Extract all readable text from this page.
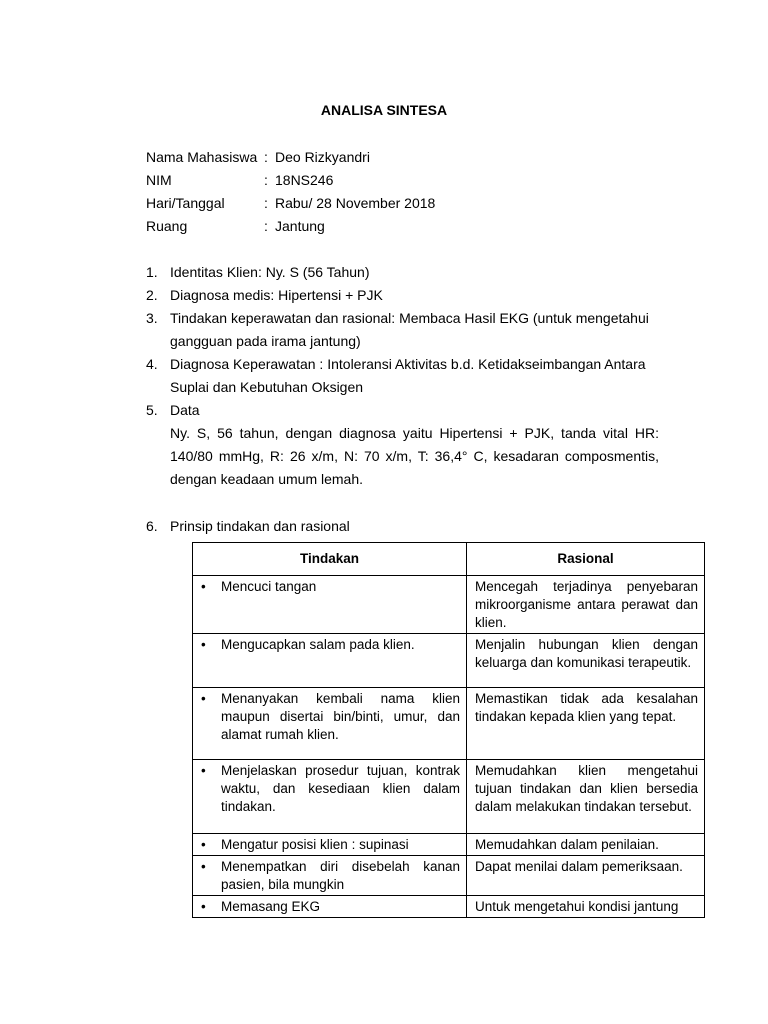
ANALISA SINTESA
Nama Mahasiswa : Deo Rizkyandri
NIM	: 18NS246
Hari/Tanggal	: Rabu/ 28 November 2018
Ruang	: Jantung
1. Identitas Klien: Ny. S (56 Tahun)
2. Diagnosa medis: Hipertensi + PJK
3. Tindakan keperawatan dan rasional: Membaca Hasil EKG (untuk mengetahui gangguan pada irama jantung)
4. Diagnosa Keperawatan : Intoleransi Aktivitas b.d. Ketidakseimbangan Antara Suplai dan Kebutuhan Oksigen
5. Data
Ny. S, 56 tahun, dengan diagnosa yaitu Hipertensi + PJK, tanda vital HR: 140/80 mmHg, R: 26 x/m, N: 70 x/m, T: 36,4° C, kesadaran composmentis, dengan keadaan umum lemah.
6. Prinsip tindakan dan rasional
Tindakan	Rasional

• Mencuci tangan	Mencegah terjadinya penyebaran mikroorganisme antara perawat dan klien.

• Mengucapkan salam pada klien.	Menjalin hubungan klien dengan keluarga dan komunikasi terapeutik.

• Menanyakan kembali nama klien maupun disertai bin/binti, umur, dan alamat rumah klien.	Memastikan tidak ada kesalahan tindakan kepada klien yang tepat.

• Menjelaskan prosedur tujuan, kontrak waktu, dan kesediaan klien dalam tindakan.	Memudahkan klien mengetahui tujuan tindakan dan klien bersedia dalam melakukan tindakan tersebut.

• Mengatur posisi klien : supinasi	Memudahkan dalam penilaian.

• Menempatkan diri disebelah kanan pasien, bila mungkin	Dapat menilai dalam pemeriksaan.

• Memasang EKG	Untuk mengetahui kondisi jantung
